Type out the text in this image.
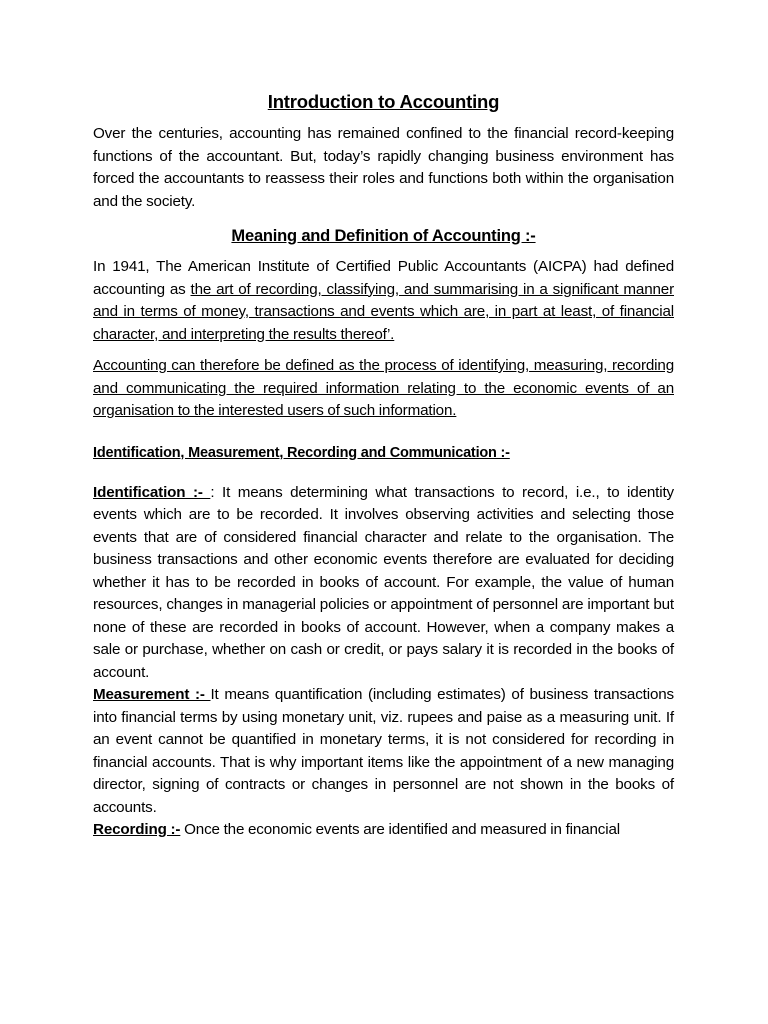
Introduction to Accounting

Over the centuries, accounting has remained confined to the financial record-keeping functions of the accountant. But, today’s rapidly changing business environment has forced the accountants to reassess their roles and functions both within the organisation and the society.

Meaning and Definition of Accounting :-

In 1941, The American Institute of Certified Public Accountants (AICPA) had defined accounting as the art of recording, classifying, and summarising in a significant manner and in terms of money, transactions and events which are, in part at least, of financial character, and interpreting the results thereof’.

Accounting can therefore be defined as the process of identifying, measuring, recording and communicating the required information relating to the economic events of an organisation to the interested users of such information.

Identification, Measurement, Recording and Communication :-

Identification :- : It means determining what transactions to record, i.e., to identity events which are to be recorded. It involves observing activities and selecting those events that are of considered financial character and relate to the organisation. The business transactions and other economic events therefore are evaluated for deciding whether it has to be recorded in books of account. For example, the value of human resources, changes in managerial policies or appointment of personnel are important but none of these are recorded in books of account. However, when a company makes a sale or purchase, whether on cash or credit, or pays salary it is recorded in the books of account.

Measurement :- It means quantification (including estimates) of business transactions into financial terms by using monetary unit, viz. rupees and paise as a measuring unit. If an event cannot be quantified in monetary terms, it is not considered for recording in financial accounts. That is why important items like the appointment of a new managing director, signing of contracts or changes in personnel are not shown in the books of accounts.

Recording :- Once the economic events are identified and measured in financial
